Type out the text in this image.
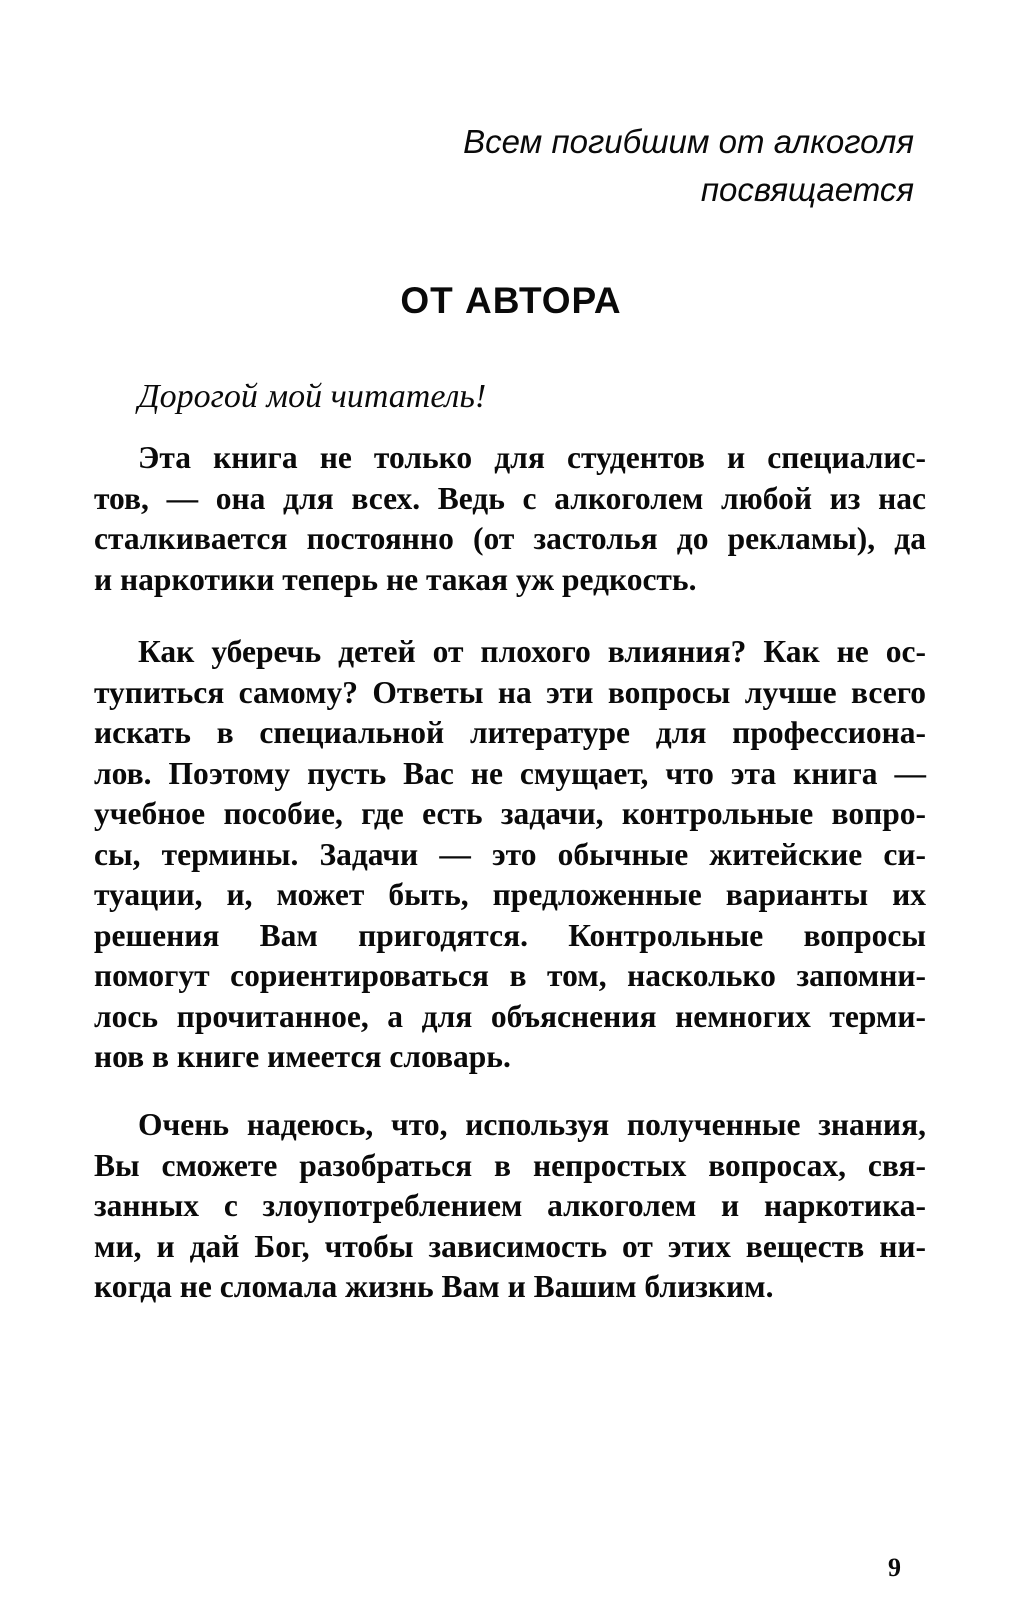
Всем погибшим от алкоголя
посвящается
ОТ АВТОРА

Дорогой мой читатель!

Эта книга не только для студентов и специалис-
тов, — она для всех. Ведь с алкоголем любой из нас
сталкивается постоянно (от застолья до рекламы), да
и наркотики теперь не такая уж редкость.

Как уберечь детей от плохого влияния? Как не ос-
тупиться самому? Ответы на эти вопросы лучше всего
искать в специальной литературе для профессиона-
лов. Поэтому пусть Вас не смущает, что эта книга —
учебное пособие, где есть задачи, контрольные вопро-
сы, термины. Задачи — это обычные житейские си-
туации, и, может быть, предложенные варианты их
решения Вам пригодятся. Контрольные вопросы
помогут сориентироваться в том, насколько запомни-
лось прочитанное, а для объяснения немногих терми-
нов в книге имеется словарь.

Очень надеюсь, что, используя полученные знания,
Вы сможете разобраться в непростых вопросах, свя-
занных с злоупотреблением алкоголем и наркотика-
ми, и дай Бог, чтобы зависимость от этих веществ ни-
когда не сломала жизнь Вам и Вашим близким.

9
